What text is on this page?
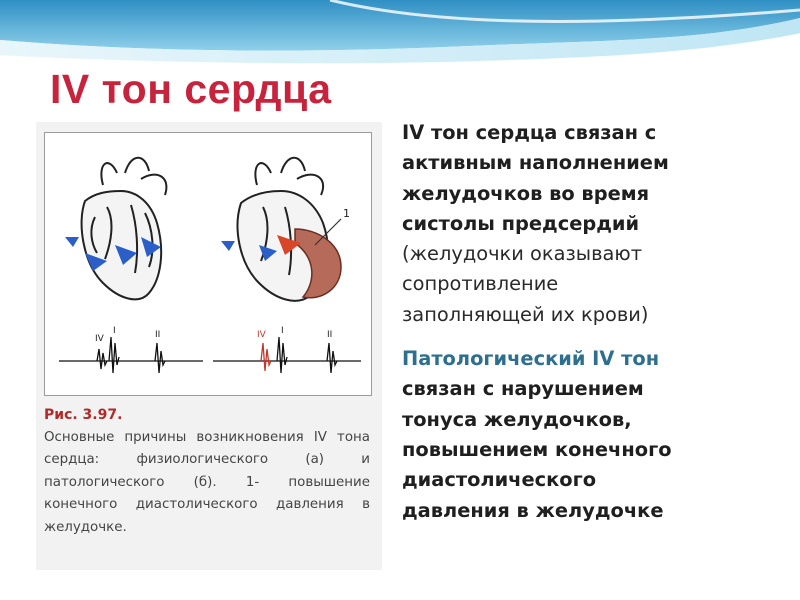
IV тон сердца
1
IV
I	II	IV I	II
Рис. 3.97.
Основные причины возникновения IV тона сердца: физиологического (а) и патологического (б). 1- повышение конечного диастолического давления в желудочке.
IV тон сердца связан с
активным наполнением
желудочков во время
систолы предсердий
(желудочки оказывают
сопротивление
заполняющей их крови)
Патологический IV тон
связан с нарушением
тонуса желудочков,
повышением конечного
диастолического
давления в желудочке
